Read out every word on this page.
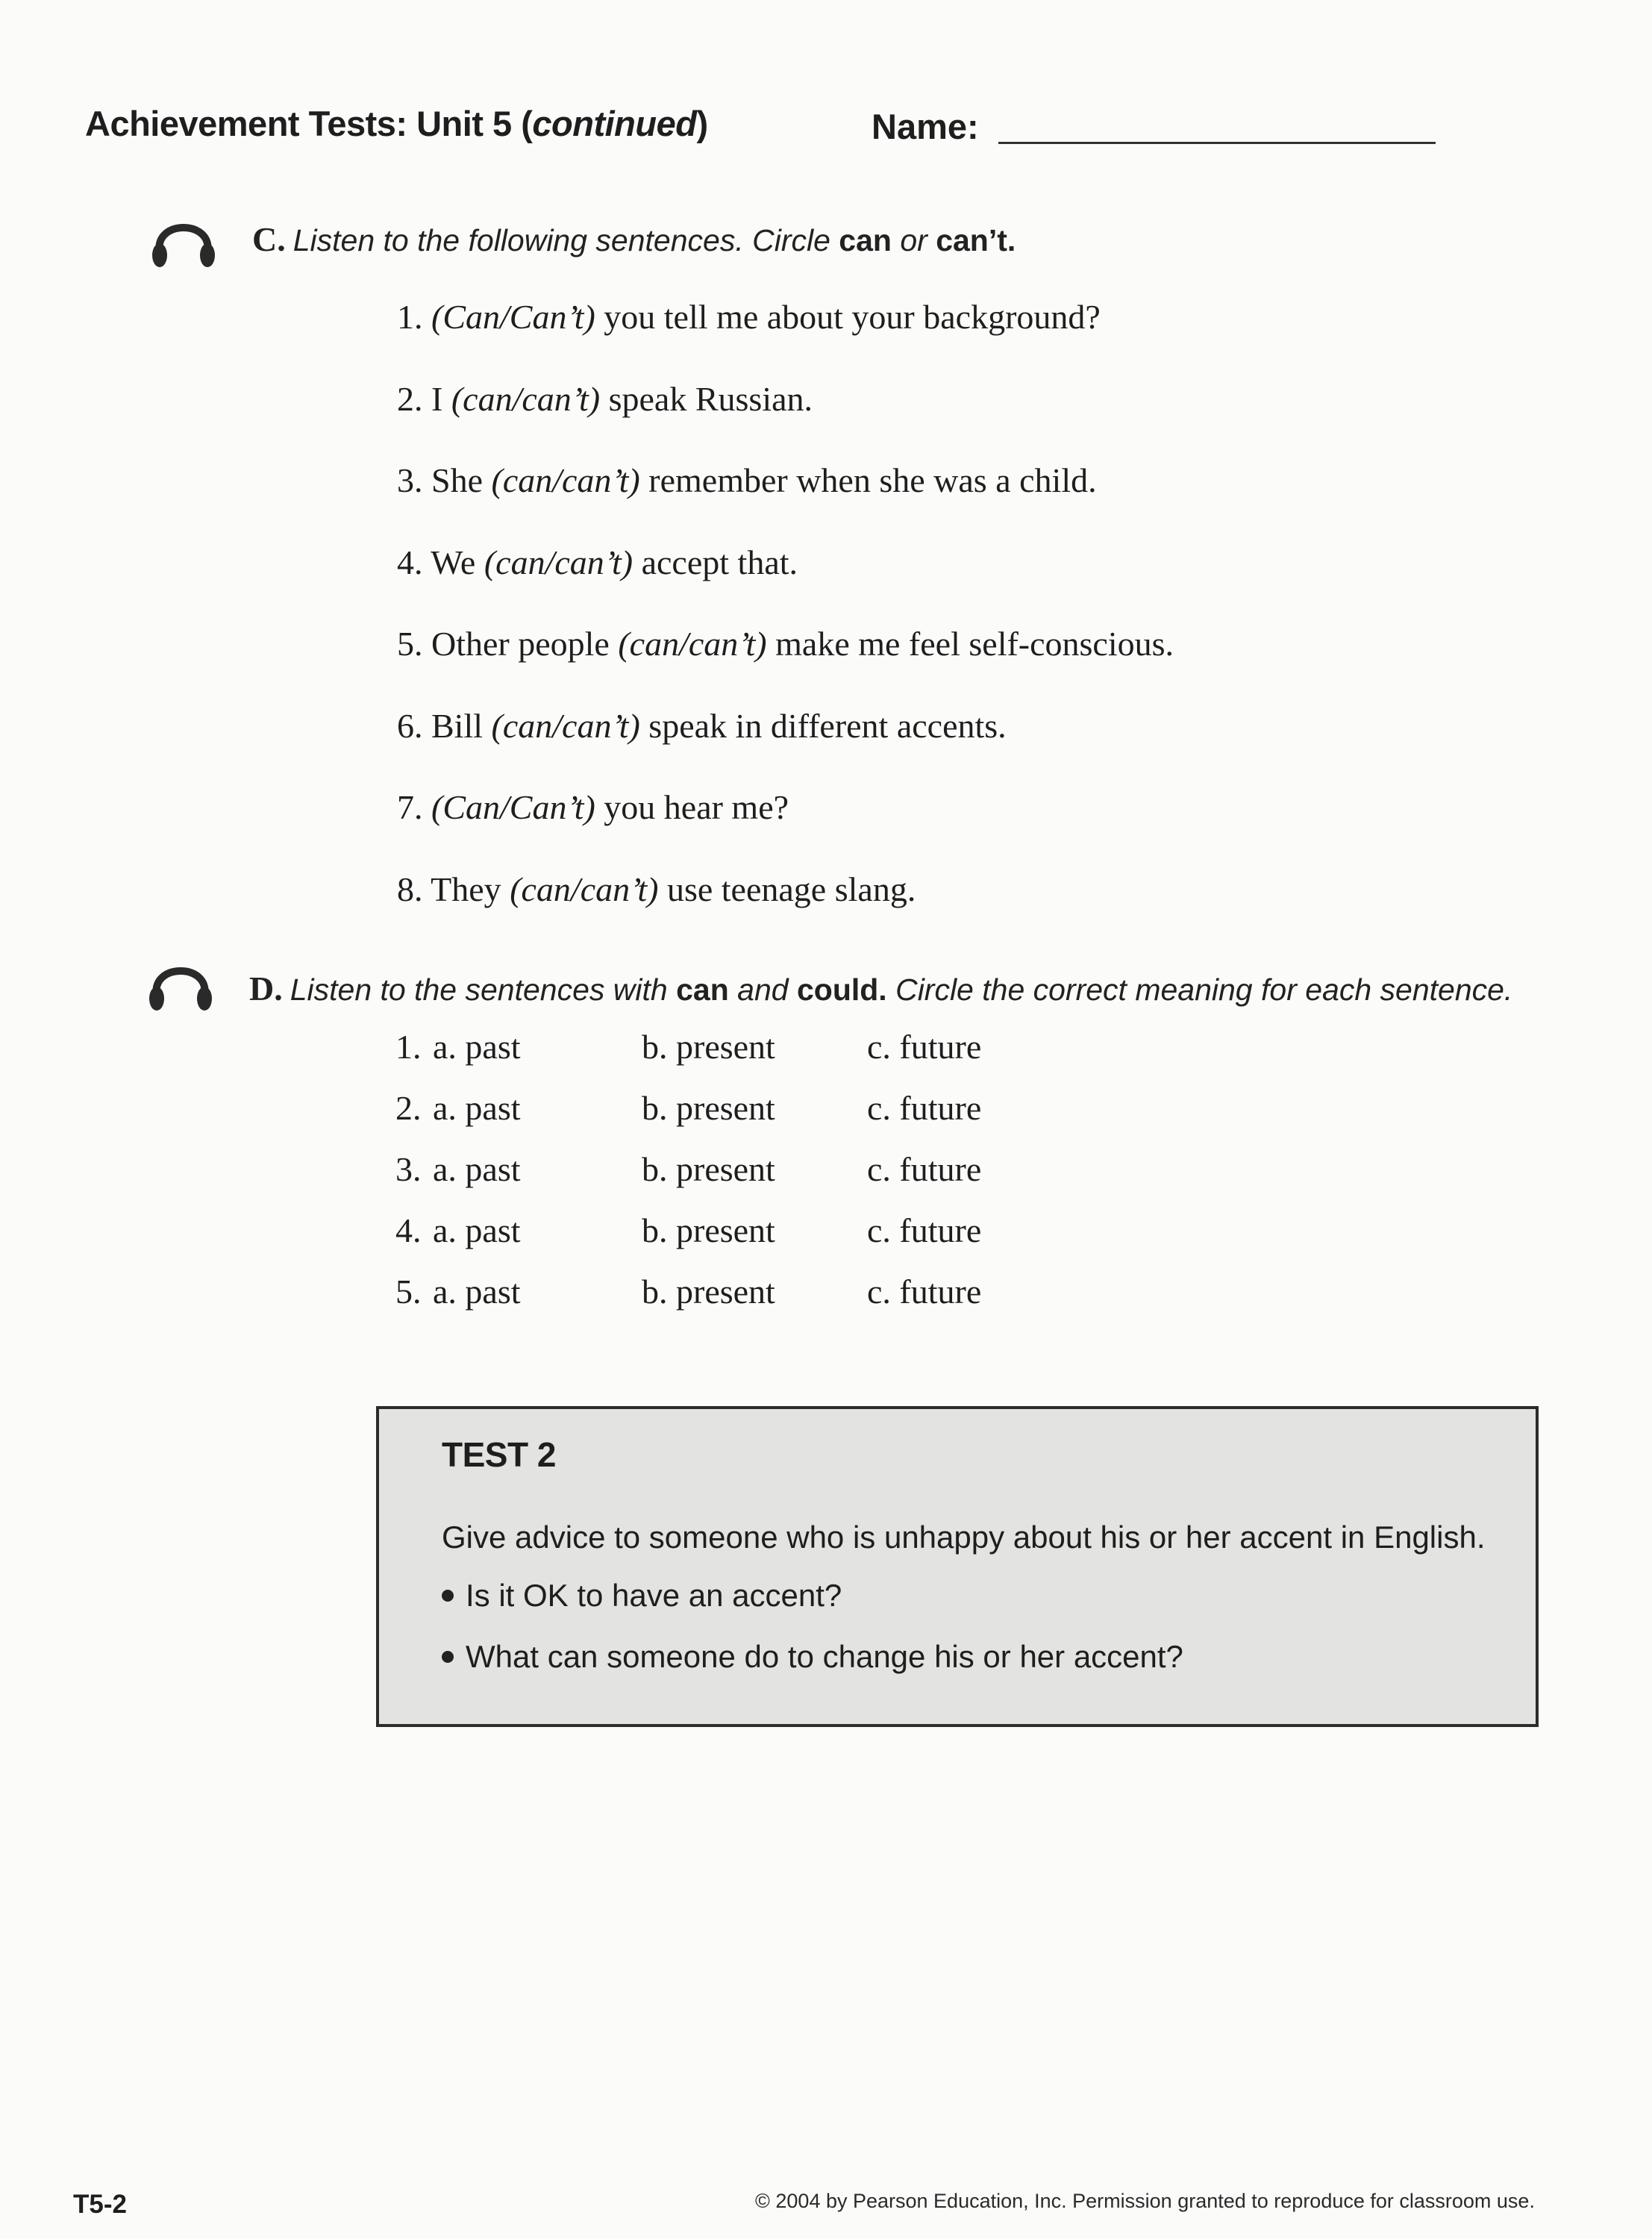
Achievement Tests: Unit 5 (continued)	Name:
C. Listen to the following sentences. Circle can or can’t.
1. (Can/Can’t) you tell me about your background?
2. I (can/can’t) speak Russian.
3. She (can/can’t) remember when she was a child.
4. We (can/can’t) accept that.
5. Other people (can/can’t) make me feel self-conscious.
6. Bill (can/can’t) speak in different accents.
7. (Can/Can’t) you hear me?
8. They (can/can’t) use teenage slang.
D. Listen to the sentences with can and could. Circle the correct meaning for each sentence.
1. a. past	b. present	c. future
2. a. past	b. present	c. future
3. a. past	b. present	c. future
4. a. past	b. present	c. future
5. a. past	b. present	c. future
TEST 2
Give advice to someone who is unhappy about his or her accent in English.
Is it OK to have an accent?
What can someone do to change his or her accent?
T5-2	© 2004 by Pearson Education, Inc. Permission granted to reproduce for classroom use.
